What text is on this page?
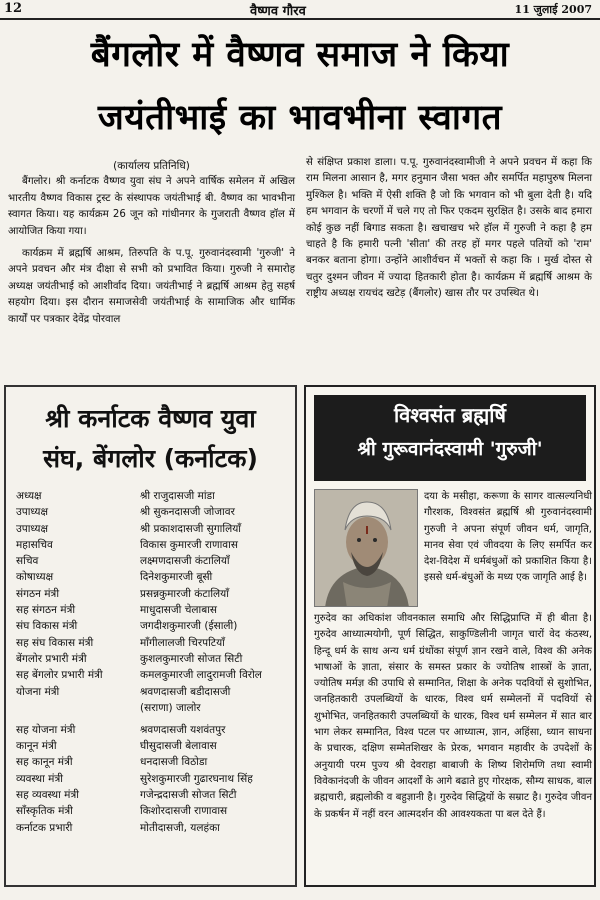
12	वैष्णव गौरव	11 जुलाई 2007
बैंगलोर में वैष्णव समाज ने किया
जयंतीभाई का भावभीना स्वागत

(कार्यालय प्रतिनिधि)

बैंगलोर। श्री कर्नाटक वैष्णव युवा संघ ने अपने वार्षिक समेलन में अखिल भारतीय वैष्णव विकास ट्रस्ट के संस्थापक जयंतीभाई बी. वैष्णव का भावभीना स्वागत किया। यह कार्यक्रम 26 जून को गांधीनगर के गुजराती वैष्णव हॉल में आयोजित किया गया।

कार्यक्रम में ब्रह्मर्षि आश्रम, तिरुपति के प.पू. गुरुवानंदस्वामी 'गुरुजी' ने अपने प्रवचन और मंत्र दीक्षा से सभी को प्रभावित किया। गुरुजी ने समारोह अध्यक्ष जयंतीभाई को आशीर्वाद दिया। जयंतीभाई ने ब्रह्मर्षि आश्रम हेतु सहर्ष सहयोग दिया। इस दौरान समाजसेवी जयंतीभाई के सामाजिक और धार्मिक कार्यों पर पत्रकार देवेंद्र पोरवाल

से संक्षिप्त प्रकाश डाला। प.पू. गुरुवानंदस्वामीजी ने अपने प्रवचन में कहा कि राम मिलना आसान है, मगर हनुमान जैसा भक्त और समर्पित महापुरुष मिलना मुश्किल है। भक्ति में ऐसी शक्ति है जो कि भगवान को भी बुला देती है। यदि हम भगवान के चरणों में चले गए तो फिर एकदम सुरक्षित है। उसके बाद हमारा कोई कुछ नहीं बिगाड सकता है। खचाखच भरे हॉल में गुरुजी ने कहा है हम चाहते है कि हमारी पत्नी 'सीता' की तरह हों मगर पहले पतियों को 'राम' बनकर बताना होगा। उन्होंने आशीर्वचन में भक्तों से कहा कि । मुर्ख दोस्त से चतुर दुश्मन जीवन में ज्यादा हितकारी होता है। कार्यक्रम में ब्रह्मर्षि आश्रम के राष्ट्रीय अध्यक्ष रायचंद खटेड़ (बैंगलोर) खास तौर पर उपस्थित थे।

श्री कर्नाटक वैष्णव युवा
संघ, बेंगलोर (कर्नाटक)
अध्यक्ष	श्री राजुदासजी मांडा
उपाध्यक्ष	श्री सुकनदासजी जोजावर
उपाध्यक्ष	श्री प्रकाशदासजी सुगालियाँ
महासचिव	विकास कुमारजी राणावास
सचिव	लक्ष्मणदासजी कंटालियाँ
कोषाध्यक्ष	दिनेशकुमारजी बूसी
संगठन मंत्री	प्रसन्नकुमारजी कंटालियाँ
सह संगठन मंत्री	माधुदासजी चेलाबास
संघ विकास मंत्री	जगदीशकुमारजी (ईसाली)
सह संघ विकास मंत्री	माँगीलालजी चिरपटियाँ
बेंगलोर प्रभारी मंत्री	कुशलकुमारजी सोजत सिटी
सह बेंगलोर प्रभारी मंत्री	कमलकुमारजी लादुरामजी विरोल
योजना मंत्री	श्रवणदासजी बडीदासजी
(सराणा) जालोर
सह योजना मंत्री	श्रवणदासजी यशवंतपुर
कानून मंत्री	घीसुदासजी बेलावास
सह कानून मंत्री	धनदासजी विठोडा
व्यवस्था मंत्री	सुरेशकुमारजी गुढारघनाथ सिंह
सह व्यवस्था मंत्री	गजेन्द्रदासजी सोजत सिटी
साँस्कृतिक मंत्री	किशोरदासजी राणावास
कर्नाटक प्रभारी	मोतीदासजी, यलहंका
विश्वसंत ब्रह्मर्षि
श्री गुरूवानंदस्वामी 'गुरुजी'
दया के मसीहा, करूणा के सागर वात्सल्यनिधी गौरशक, विश्वसंत ब्रह्मर्षि श्री गुरुवानंदस्वामी गुरुजी ने अपना संपूर्ण जीवन धर्म, जागृति, मानव सेवा एवं जीवदया के लिए समर्पित कर देश-विदेश में धर्मबंधुओं को प्रकाशित किया है। इससे धर्म-बंधुओं के मध्य एक जागृति आई है।
गुरुदेव का अधिकांश जीवनकाल समाधि और सिद्धिप्राप्ति में ही बीता है। गुरुदेव आध्यात्मयोगी, पूर्ण सिद्धित, साकुण्डिलीनी जागृत चारों वेद कंठस्थ, हिन्दू धर्म के साथ अन्य धर्म ग्रंथोंका संपूर्ण ज्ञान रखने वाले, विश्व की अनेक भाषाओं के ज्ञाता, संसार के समस्त प्रकार के ज्योतिष शास्त्रों के ज्ञाता, ज्योतिष मर्मज्ञ की उपाधि से सम्मानित, शिक्षा के अनेक पदवियों से सुशोभित, जनहितकारी उपलब्धियों के धारक, विश्व धर्म सम्मेलनों में पदवियों से शुभोभित, जनहितकारी उपलब्धियों के धारक, विश्व धर्म सम्मेलन में सात बार भाग लेकर सम्मानित, विश्व पटल पर आध्यात्म, ज्ञान, अहिंसा, ध्यान साधना के प्रचारक, दक्षिण सम्मेतशिखर के प्रेरक, भगवान महावीर के उपदेशों के अनुयायी परम पुज्य श्री देवराहा बाबाजी के शिष्य शिरोमणि तथा स्वामी विवेकानंदजी के जीवन आदर्शों के आगे बढाते हुए गोरक्षक, सौम्य साधक, बाल ब्रह्मचारी, ब्रह्मलोकी व बहुज्ञानी है। गुरुदेव सिद्धियों के सम्राट है। गुरुदेव जीवन के प्रकर्षन में नहीं वरन आत्मदर्शन की आवश्यकता पा बल देते हैं।
